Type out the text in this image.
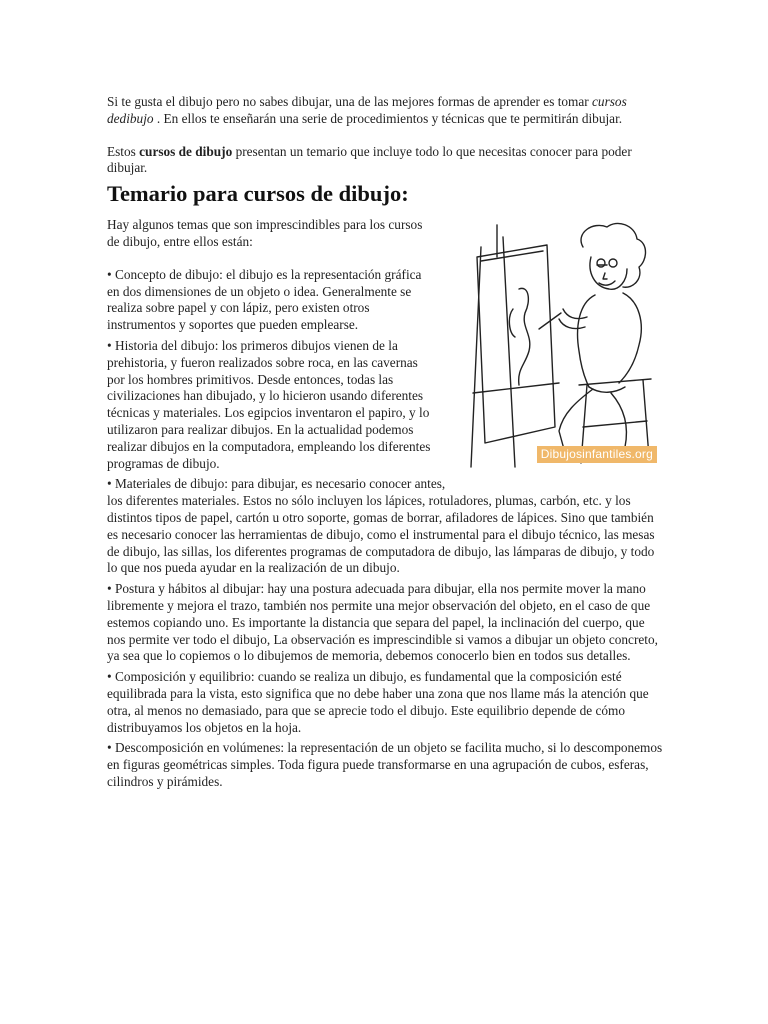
Si te gusta el dibujo pero no sabes dibujar, una de las mejores formas de aprender es tomar cursos dedibujo . En ellos te enseñarán una serie de procedimientos y técnicas que te permitirán dibujar.

Estos cursos de dibujo presentan un temario que incluye todo lo que necesitas conocer para poder dibujar.

Temario para cursos de dibujo:
Dibujosinfantiles.org

Hay algunos temas que son imprescindibles para los cursos de dibujo, entre ellos están:

• Concepto de dibujo: el dibujo es la representación gráfica en dos dimensiones de un objeto o idea. Generalmente se realiza sobre papel y con lápiz, pero existen otros instrumentos y soportes que pueden emplearse.

• Historia del dibujo: los primeros dibujos vienen de la prehistoria, y fueron realizados sobre roca, en las cavernas por los hombres primitivos. Desde entonces, todas las civilizaciones han dibujado, y lo hicieron usando diferentes técnicas y materiales. Los egipcios inventaron el papiro, y lo utilizaron para realizar dibujos. En la actualidad podemos realizar dibujos en la computadora, empleando los diferentes programas de dibujo.

• Materiales de dibujo: para dibujar, es necesario conocer antes, los diferentes materiales. Estos no sólo incluyen los lápices, rotuladores, plumas, carbón, etc. y los distintos tipos de papel, cartón u otro soporte, gomas de borrar, afiladores de lápices. Sino que también es necesario conocer las herramientas de dibujo, como el instrumental para el dibujo técnico, las mesas de dibujo, las sillas, los diferentes programas de computadora de dibujo, las lámparas de dibujo, y todo lo que nos pueda ayudar en la realización de un dibujo.

• Postura y hábitos al dibujar: hay una postura adecuada para dibujar, ella nos permite mover la mano libremente y mejora el trazo, también nos permite una mejor observación del objeto, en el caso de que estemos copiando uno. Es importante la distancia que separa del papel, la inclinación del cuerpo, que nos permite ver todo el dibujo, La observación es imprescindible si vamos a dibujar un objeto concreto, ya sea que lo copiemos o lo dibujemos de memoria, debemos conocerlo bien en todos sus detalles.

• Composición y equilibrio: cuando se realiza un dibujo, es fundamental que la composición esté equilibrada para la vista, esto significa que no debe haber una zona que nos llame más la atención que otra, al menos no demasiado, para que se aprecie todo el dibujo. Este equilibrio depende de cómo distribuyamos los objetos en la hoja.

• Descomposición en volúmenes: la representación de un objeto se facilita mucho, si lo descomponemos en figuras geométricas simples. Toda figura puede transformarse en una agrupación de cubos, esferas, cilindros y pirámides.
